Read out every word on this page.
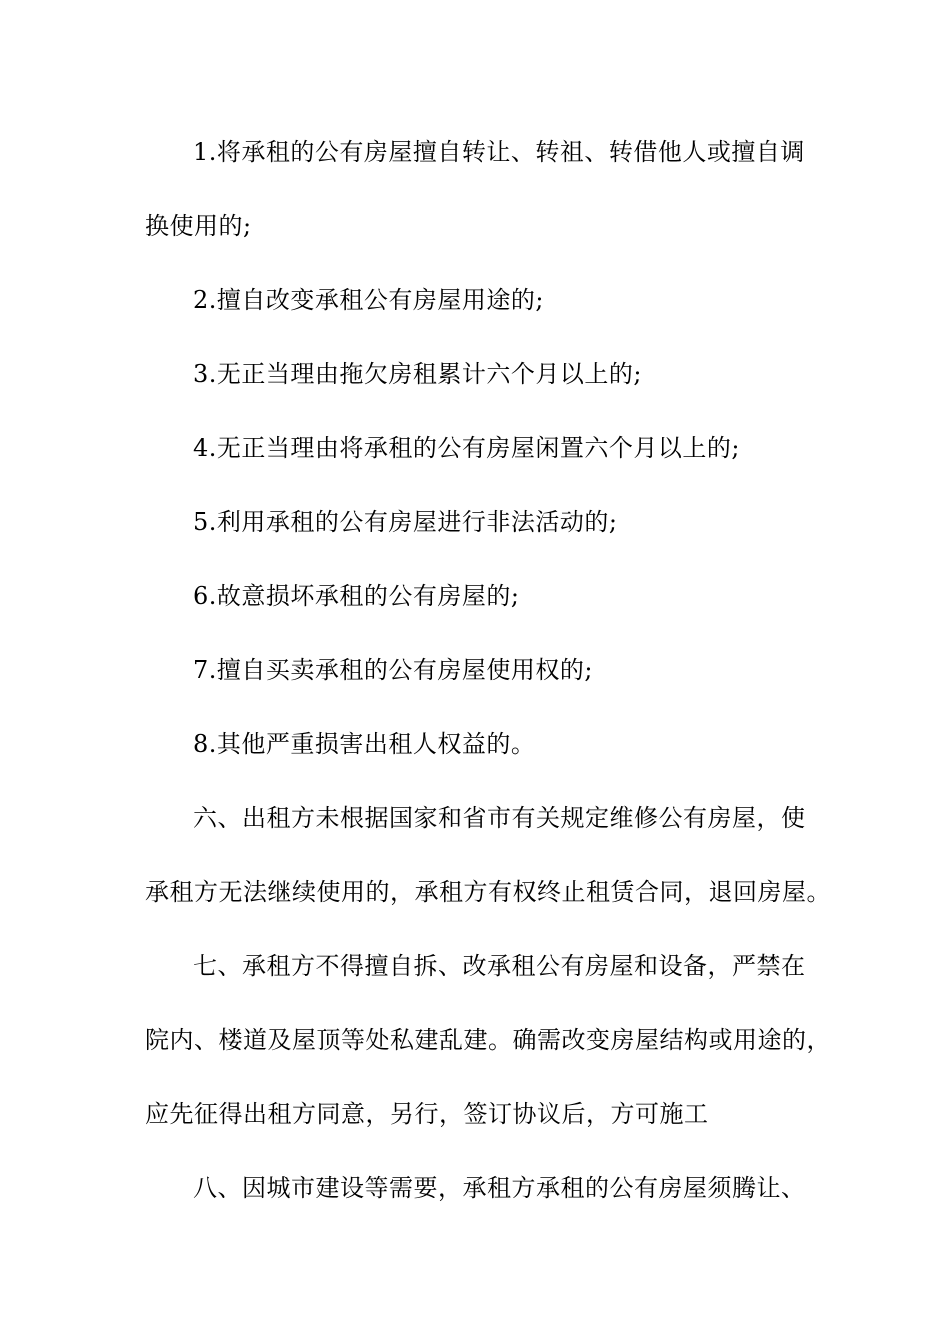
1.将承租的公有房屋擅自转让、转祖、转借他人或擅自调
换使用的;
2.擅自改变承租公有房屋用途的;
3.无正当理由拖欠房租累计六个月以上的;
4.无正当理由将承租的公有房屋闲置六个月以上的;
5.利用承租的公有房屋进行非法活动的;
6.故意损坏承租的公有房屋的;
7.擅自买卖承租的公有房屋使用权的;
8.其他严重损害出租人权益的。
六、出租方未根据国家和省市有关规定维修公有房屋，使
承租方无法继续使用的，承租方有权终止租赁合同，退回房屋。
七、承租方不得擅自拆、改承租公有房屋和设备，严禁在
院内、楼道及屋顶等处私建乱建。确需改变房屋结构或用途的，
应先征得出租方同意，另行，签订协议后，方可施工
八、因城市建设等需要，承租方承租的公有房屋须腾让、
